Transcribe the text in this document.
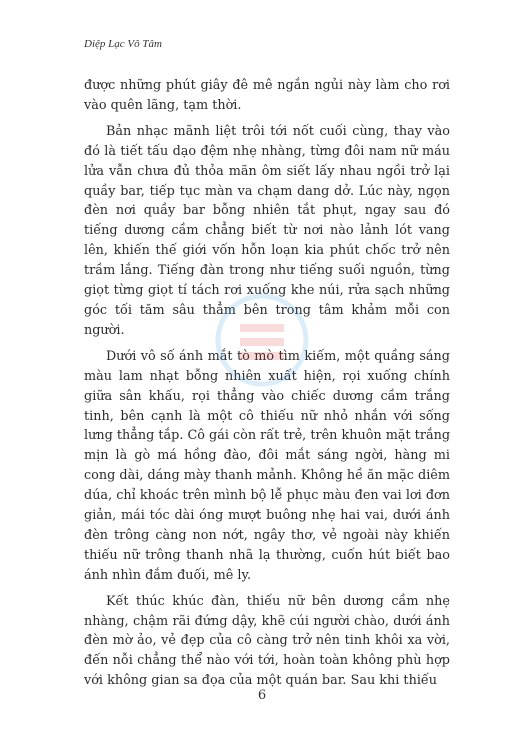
Diệp Lạc Vô Tâm

được những phút giây đê mê ngắn ngủi này làm cho rơi vào quên lãng, tạm thời.

Bản nhạc mãnh liệt trôi tới nốt cuối cùng, thay vào đó là tiết tấu dạo đệm nhẹ nhàng, từng đôi nam nữ máu lửa vẫn chưa đủ thỏa mãn ôm siết lấy nhau ngồi trở lại quầy bar, tiếp tục màn va chạm dang dở. Lúc này, ngọn đèn nơi quầy bar bỗng nhiên tắt phụt, ngay sau đó tiếng dương cầm chẳng biết từ nơi nào lảnh lót vang lên, khiến thế giới vốn hỗn loạn kia phút chốc trở nên trầm lắng. Tiếng đàn trong như tiếng suối nguồn, từng giọt từng giọt tí tách rơi xuống khe núi, rửa sạch những góc tối tăm sâu thẳm bên trong tâm khảm mỗi con người.

Dưới vô số ánh mắt tò mò tìm kiếm, một quầng sáng màu lam nhạt bỗng nhiên xuất hiện, rọi xuống chính giữa sân khấu, rọi thẳng vào chiếc dương cầm trắng tinh, bên cạnh là một cô thiếu nữ nhỏ nhắn với sống lưng thẳng tắp. Cô gái còn rất trẻ, trên khuôn mặt trắng mịn là gò má hồng đào, đôi mắt sáng ngời, hàng mi cong dài, dáng mày thanh mảnh. Không hề ăn mặc diêm dúa, chỉ khoác trên mình bộ lễ phục màu đen vai lơi đơn giản, mái tóc dài óng mượt buông nhẹ hai vai, dưới ánh đèn trông càng non nớt, ngây thơ, vẻ ngoài này khiến thiếu nữ trông thanh nhã lạ thường, cuốn hút biết bao ánh nhìn đắm đuối, mê ly.

Kết thúc khúc đàn, thiếu nữ bên dương cầm nhẹ nhàng, chậm rãi đứng dậy, khẽ cúi người chào, dưới ánh đèn mờ ảo, vẻ đẹp của cô càng trở nên tinh khôi xa vời, đến nỗi chẳng thể nào với tới, hoàn toàn không phù hợp với không gian sa đọa của một quán bar. Sau khi thiếu

6
